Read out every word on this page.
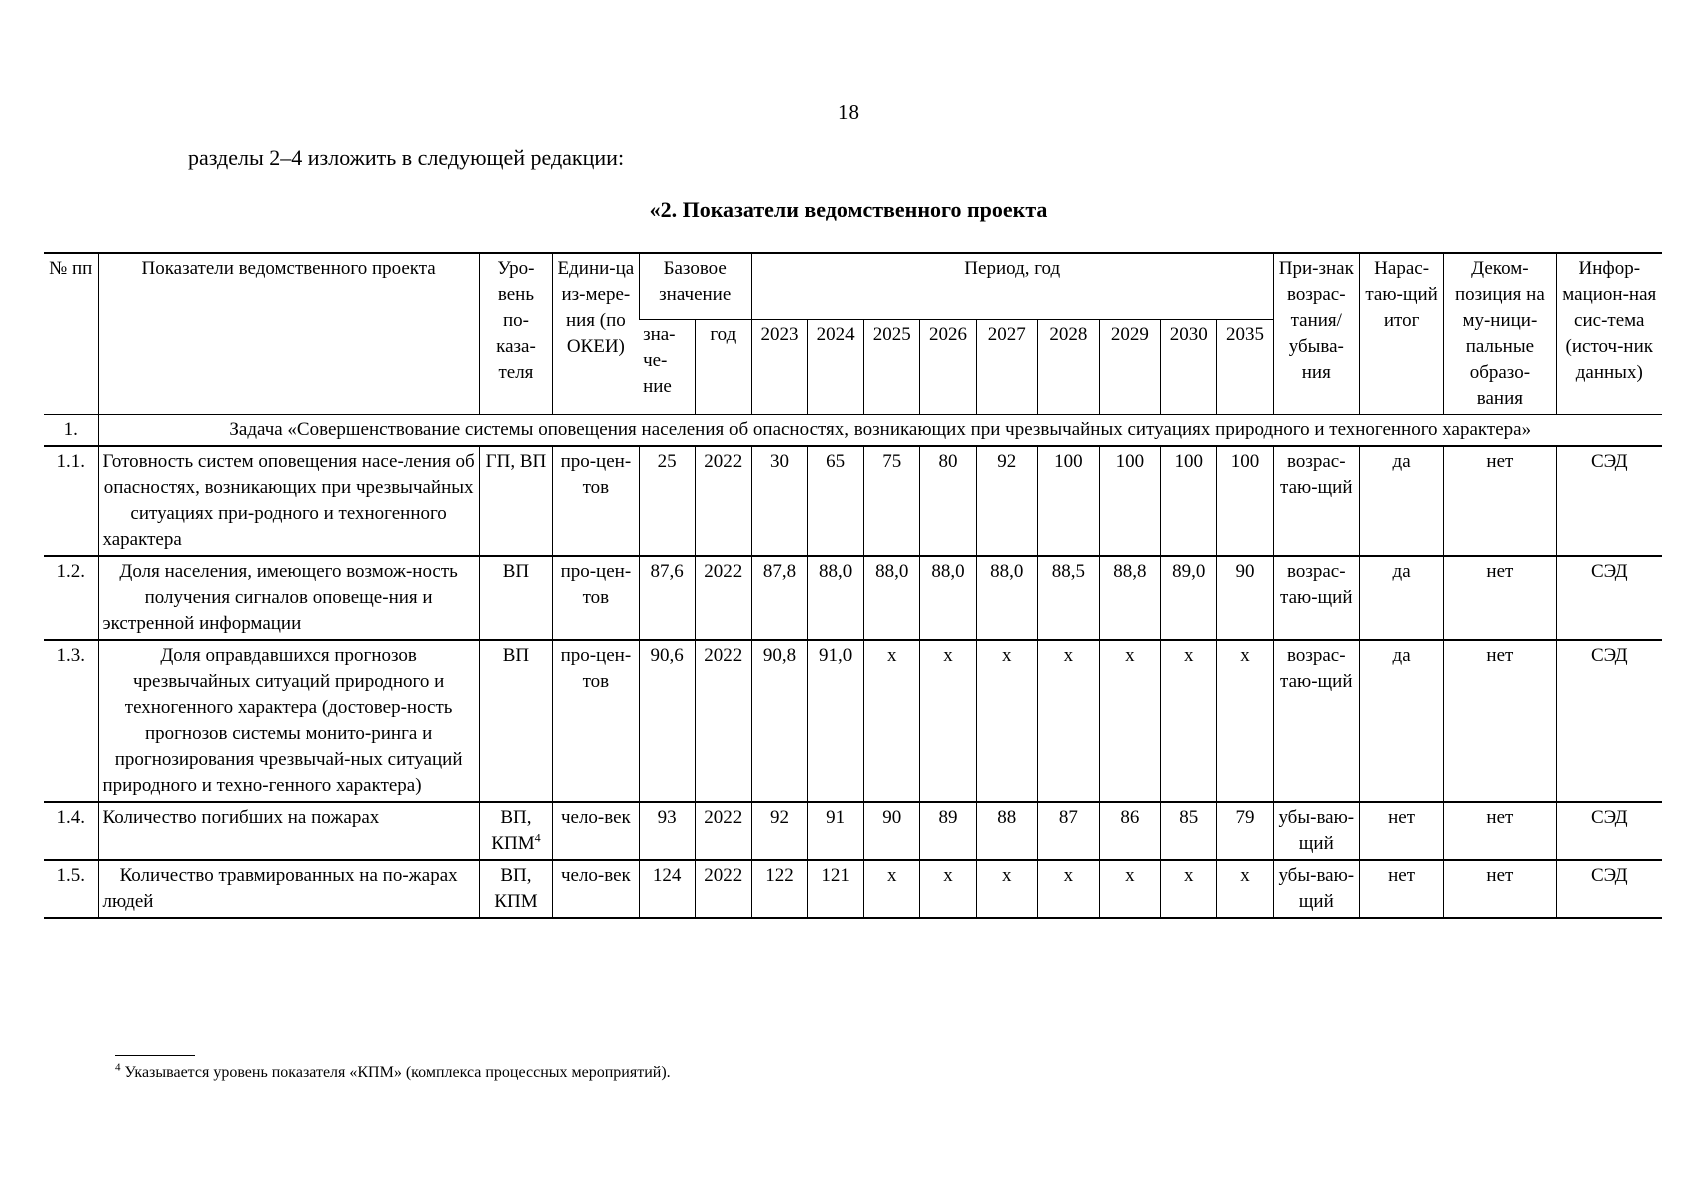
18
разделы 2–4 изложить в следующей редакции:
«2. Показатели ведомственного проекта
№ пп	Показатели ведомственного проекта	Уро-вень по-каза-теля	Едини-ца из-мере-ния (по ОКЕИ)	Базовое значение		Период, год									При-знак возрас-тания/ убыва-ния	Нарас-таю-щий итог	Деком-позиция на му-ници-пальные образо-вания	Инфор-мацион-ная сис-тема (источ-ник данных)
				зна-че-ние	год	2023	2024	2025	2026	2027	2028	2029	2030	2035				
1.	Задача «Совершенствование системы оповещения населения об опасностях, возникающих при чрезвычайных ситуациях природного и техногенного характера»																	
1.1.	Готовность систем оповещения насе-ления об опасностях, возникающих при чрезвычайных ситуациях при-родного и техногенного характера	ГП, ВП	про-цен-тов	25	2022	30	65	75	80	92	100	100	100	100	возрас-таю-щий	да	нет	СЭД
1.2.	Доля населения, имеющего возмож-ность получения сигналов оповеще-ния и экстренной информации	ВП	про-цен-тов	87,6	2022	87,8	88,0	88,0	88,0	88,0	88,5	88,8	89,0	90	возрас-таю-щий	да	нет	СЭД
1.3.	Доля оправдавшихся прогнозов чрезвычайных ситуаций природного и техногенного характера (достовер-ность прогнозов системы монито-ринга и прогнозирования чрезвычай-ных ситуаций природного и техно-генного характера)	ВП	про-цен-тов	90,6	2022	90,8	91,0	х	х	х	х	х	х	х	возрас-таю-щий	да	нет	СЭД
1.4.	Количество погибших на пожарах	ВП, КПМ$^4$	чело-век	93	2022	92	91	90	89	88	87	86	85	79	убы-ваю-щий	нет	нет	СЭД
1.5.	Количество травмированных на по-жарах людей	ВП, КПМ	чело-век	124	2022	122	121	х	х	х	х	х	х	х	убы-ваю-щий	нет	нет	СЭД
$^4$ Указывается уровень показателя «КПМ» (комплекса процессных мероприятий).
